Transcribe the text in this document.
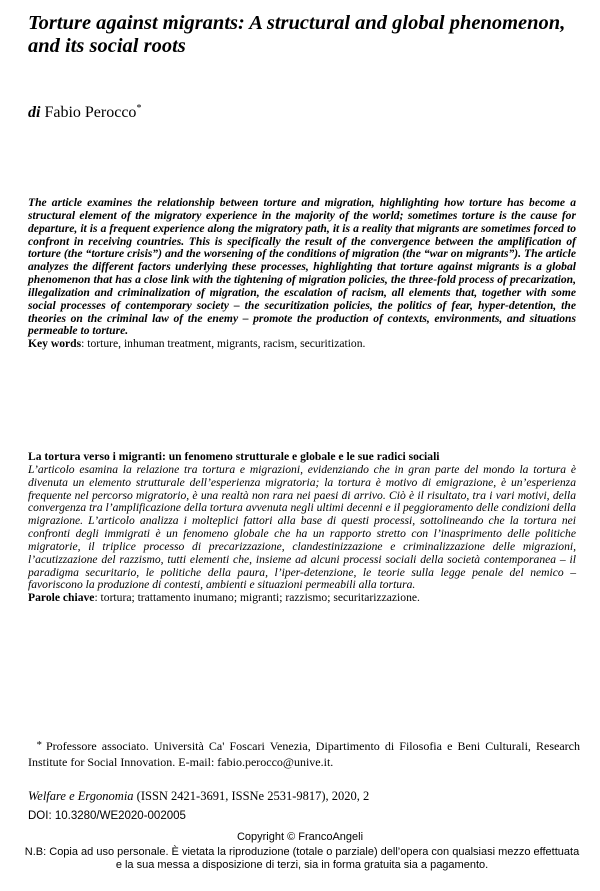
Torture against migrants: A structural and global phenomenon, and its social roots

di Fabio Perocco*

The article examines the relationship between torture and migration, highlighting how torture has become a structural element of the migratory experience in the majority of the world; sometimes torture is the cause for departure, it is a frequent experience along the migratory path, it is a reality that migrants are sometimes forced to confront in receiving countries. This is specifically the result of the convergence between the amplification of torture (the “torture crisis”) and the worsening of the conditions of migration (the “war on migrants”). The article analyzes the different factors underlying these processes, highlighting that torture against migrants is a global phenomenon that has a close link with the tightening of migration policies, the three-fold process of precarization, illegalization and criminalization of migration, the escalation of racism, all elements that, together with some social processes of contemporary society – the securitization policies, the politics of fear, hyper-detention, the theories on the criminal law of the enemy – promote the production of contexts, environments, and situations permeable to torture.

Key words: torture, inhuman treatment, migrants, racism, securitization.

La tortura verso i migranti: un fenomeno strutturale e globale e le sue radici sociali

L’articolo esamina la relazione tra tortura e migrazioni, evidenziando che in gran parte del mondo la tortura è divenuta un elemento strutturale dell’esperienza migratoria; la tortura è motivo di emigrazione, è un’esperienza frequente nel percorso migratorio, è una realtà non rara nei paesi di arrivo. Ciò è il risultato, tra i vari motivi, della convergenza tra l’amplificazione della tortura avvenuta negli ultimi decenni e il peggioramento delle condizioni della migrazione. L’articolo analizza i molteplici fattori alla base di questi processi, sottolineando che la tortura nei confronti degli immigrati è un fenomeno globale che ha un rapporto stretto con l’inasprimento delle politiche migratorie, il triplice processo di precarizzazione, clandestinizzazione e criminalizzazione delle migrazioni, l’acutizzazione del razzismo, tutti elementi che, insieme ad alcuni processi sociali della società contemporanea – il paradigma securitario, le politiche della paura, l’iper-detenzione, le teorie sulla legge penale del nemico – favoriscono la produzione di contesti, ambienti e situazioni permeabili alla tortura.

Parole chiave: tortura; trattamento inumano; migranti; razzismo; securitarizzazione.

* Professore associato. Università Ca' Foscari Venezia, Dipartimento di Filosofia e Beni Culturali, Research Institute for Social Innovation. E-mail: fabio.perocco@unive.it.

Welfare e Ergonomia (ISSN 2421-3691, ISSNe 2531-9817), 2020, 2

DOI: 10.3280/WE2020-002005

Copyright © FrancoAngeli

N.B: Copia ad uso personale. È vietata la riproduzione (totale o parziale) dell’opera con qualsiasi mezzo effettuata e la sua messa a disposizione di terzi, sia in forma gratuita sia a pagamento.
